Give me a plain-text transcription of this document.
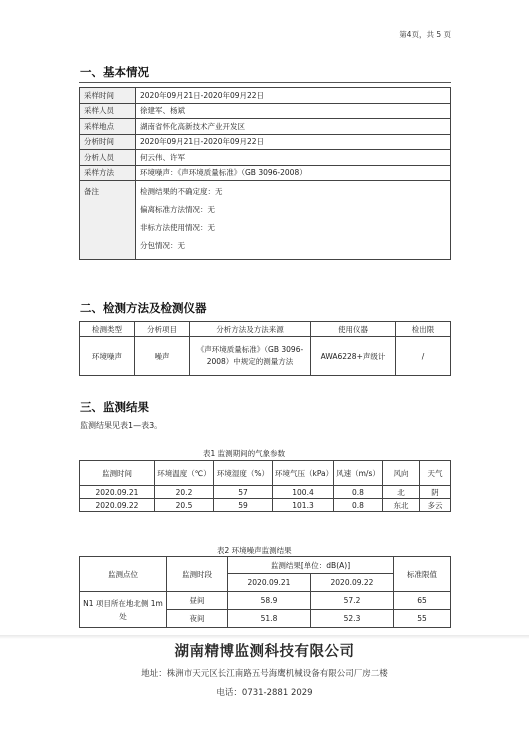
第4页，共 5 页
一、基本情况
采样时间	2020年09月21日-2020年09月22日
采样人员	徐建军、杨斌
采样地点	湖南省怀化高新技术产业开发区
分析时间	2020年09月21日-2020年09月22日
分析人员	何云伟、许军
采样方法	环境噪声：《声环境质量标准》（GB 3096-2008）
备注	检测结果的不确定度：无
偏离标准方法情况：无
非标方法使用情况：无
分包情况：无
二、检测方法及检测仪器
检测类型	分析项目	分析方法及方法来源	使用仪器	检出限
环境噪声	噪声	《声环境质量标准》（GB 3096-2008）中规定的测量方法	AWA6228+声级计	/
三、监测结果
监测结果见表1—表3。
表1 监测期间的气象参数
监测时间	环境温度（℃）	环境湿度（%）	环境气压（kPa）	风速（m/s）	风向	天气
2020.09.21	20.2	57	100.4	0.8	北	阴
2020.09.22	20.5	59	101.3	0.8	东北	多云
表2 环境噪声监测结果
监测点位	监测时段	监测结果[单位：dB(A)]		标准限值
		2020.09.21	2020.09.22	
N1 项目所在地北侧 1m 处	昼间	58.9	57.2	65
	夜间	51.8	52.3	55
湖南精博监测科技有限公司
地址：株洲市天元区长江南路五号海鹰机械设备有限公司厂房二楼
电话：0731-2881 2029
